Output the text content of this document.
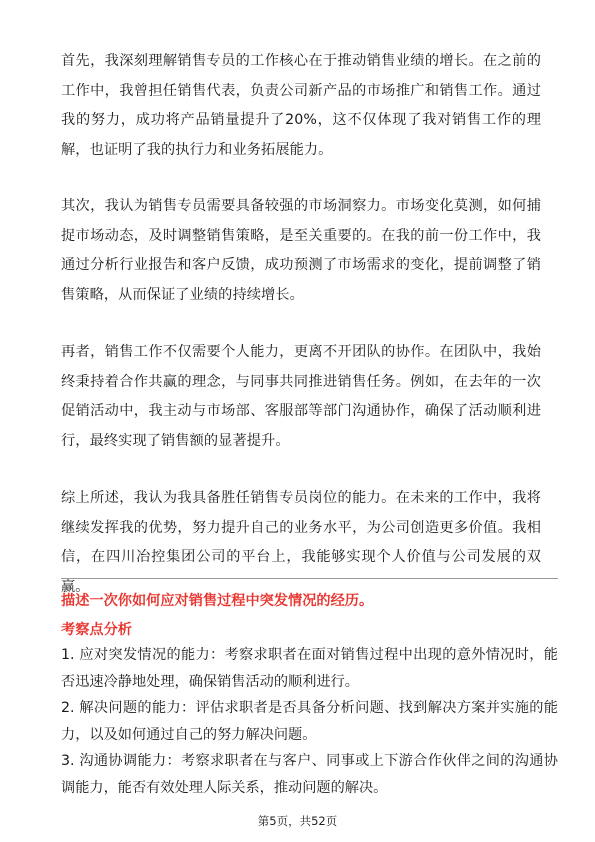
首先，我深刻理解销售专员的工作核心在于推动销售业绩的增长。在之前的工作中，我曾担任销售代表，负责公司新产品的市场推广和销售工作。通过我的努力，成功将产品销量提升了20%，这不仅体现了我对销售工作的理解，也证明了我的执行力和业务拓展能力。

其次，我认为销售专员需要具备较强的市场洞察力。市场变化莫测，如何捕捉市场动态，及时调整销售策略，是至关重要的。在我的前一份工作中，我通过分析行业报告和客户反馈，成功预测了市场需求的变化，提前调整了销售策略，从而保证了业绩的持续增长。

再者，销售工作不仅需要个人能力，更离不开团队的协作。在团队中，我始终秉持着合作共赢的理念，与同事共同推进销售任务。例如，在去年的一次促销活动中，我主动与市场部、客服部等部门沟通协作，确保了活动顺利进行，最终实现了销售额的显著提升。

综上所述，我认为我具备胜任销售专员岗位的能力。在未来的工作中，我将继续发挥我的优势，努力提升自己的业务水平，为公司创造更多价值。我相信，在四川冶控集团公司的平台上，我能够实现个人价值与公司发展的双赢。

描述一次你如何应对销售过程中突发情况的经历。

考察点分析

1. 应对突发情况的能力：考察求职者在面对销售过程中出现的意外情况时，能否迅速冷静地处理，确保销售活动的顺利进行。
2. 解决问题的能力：评估求职者是否具备分析问题、找到解决方案并实施的能力，以及如何通过自己的努力解决问题。
3. 沟通协调能力：考察求职者在与客户、同事或上下游合作伙伴之间的沟通协调能力，能否有效处理人际关系，推动问题的解决。
第5页，共52页
